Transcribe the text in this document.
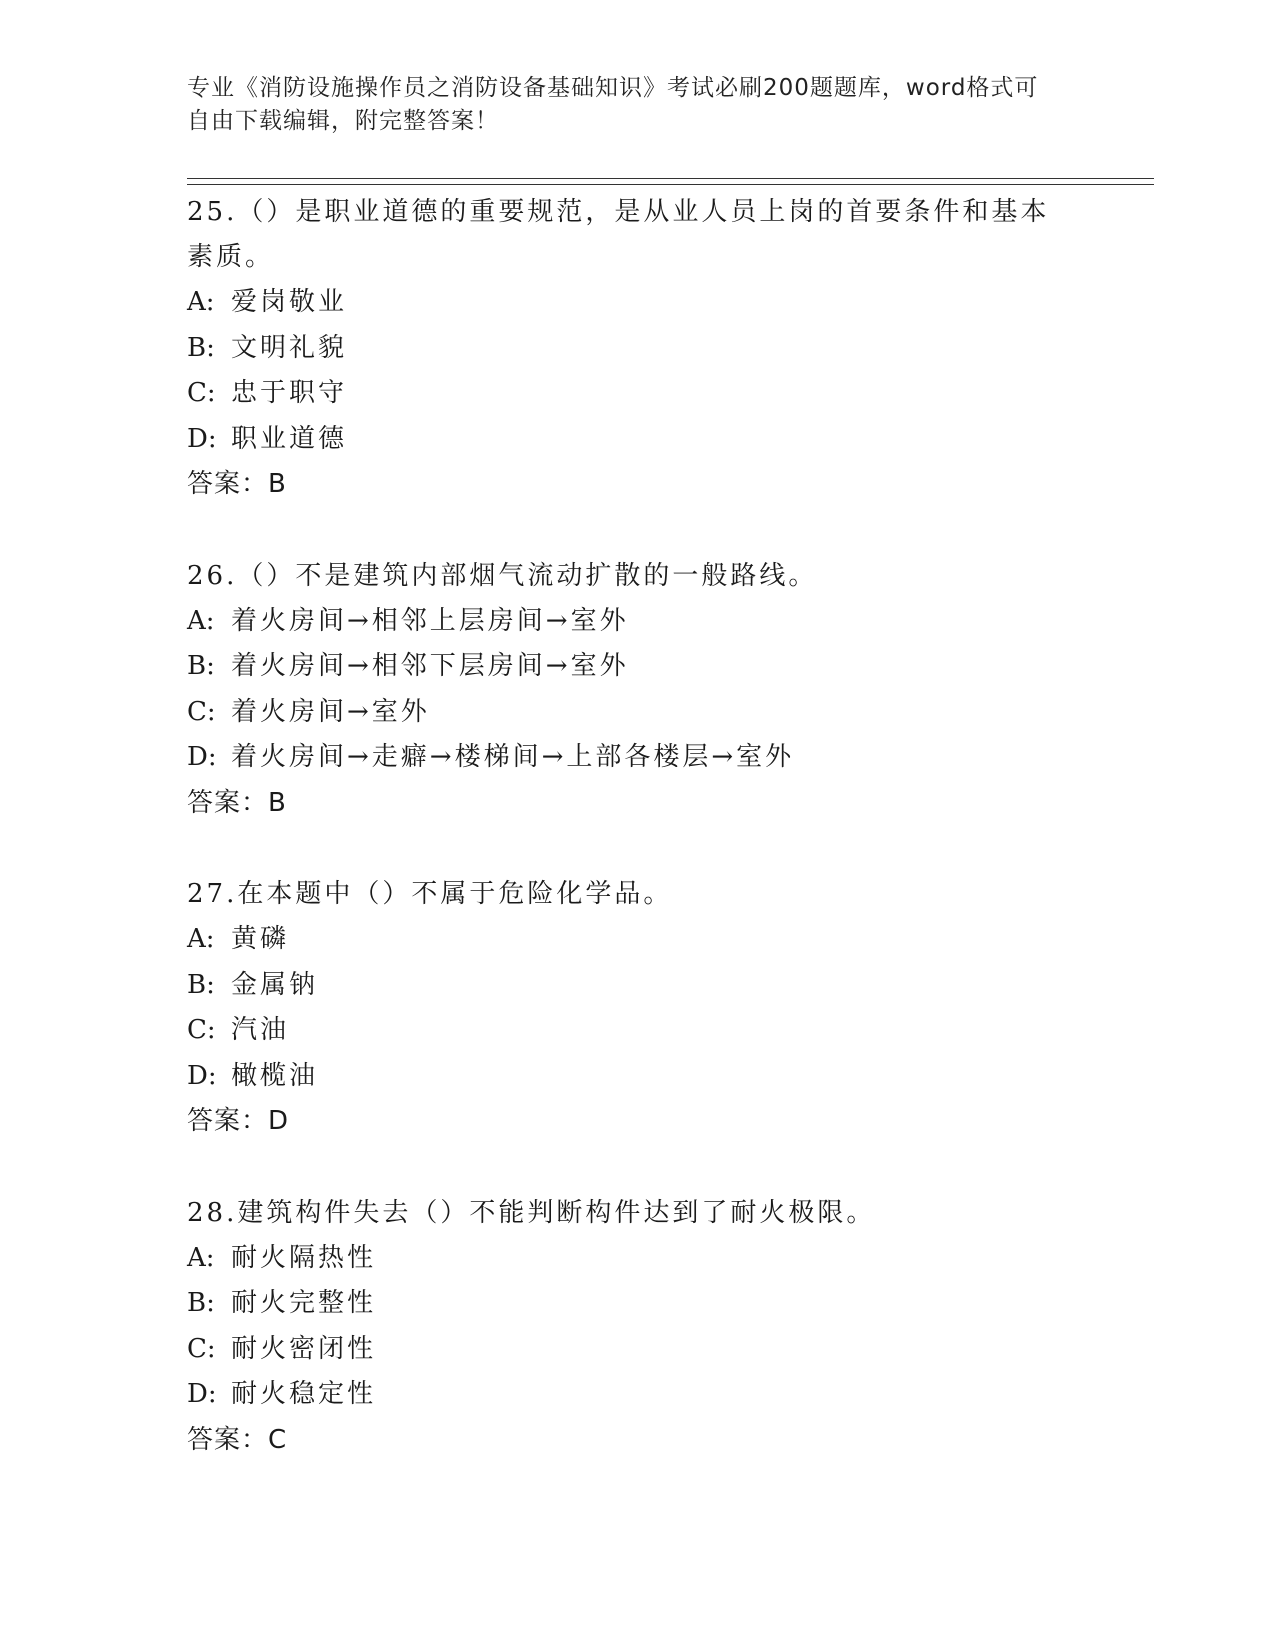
专业《消防设施操作员之消防设备基础知识》考试必刷200题题库，word格式可
自由下载编辑，附完整答案！
25.（）是职业道德的重要规范，是从业人员上岗的首要条件和基本素质。
A: 爱岗敬业
B: 文明礼貌
C: 忠于职守
D: 职业道德
答案：B
26.（）不是建筑内部烟气流动扩散的一般路线。
A: 着火房间→相邻上层房间→室外
B: 着火房间→相邻下层房间→室外
C: 着火房间→室外
D: 着火房间→走癖→楼梯间→上部各楼层→室外
答案：B
27.在本题中（）不属于危险化学品。
A: 黄磷
B: 金属钠
C: 汽油
D: 橄榄油
答案：D
28.建筑构件失去（）不能判断构件达到了耐火极限。
A: 耐火隔热性
B: 耐火完整性
C: 耐火密闭性
D: 耐火稳定性
答案：C
